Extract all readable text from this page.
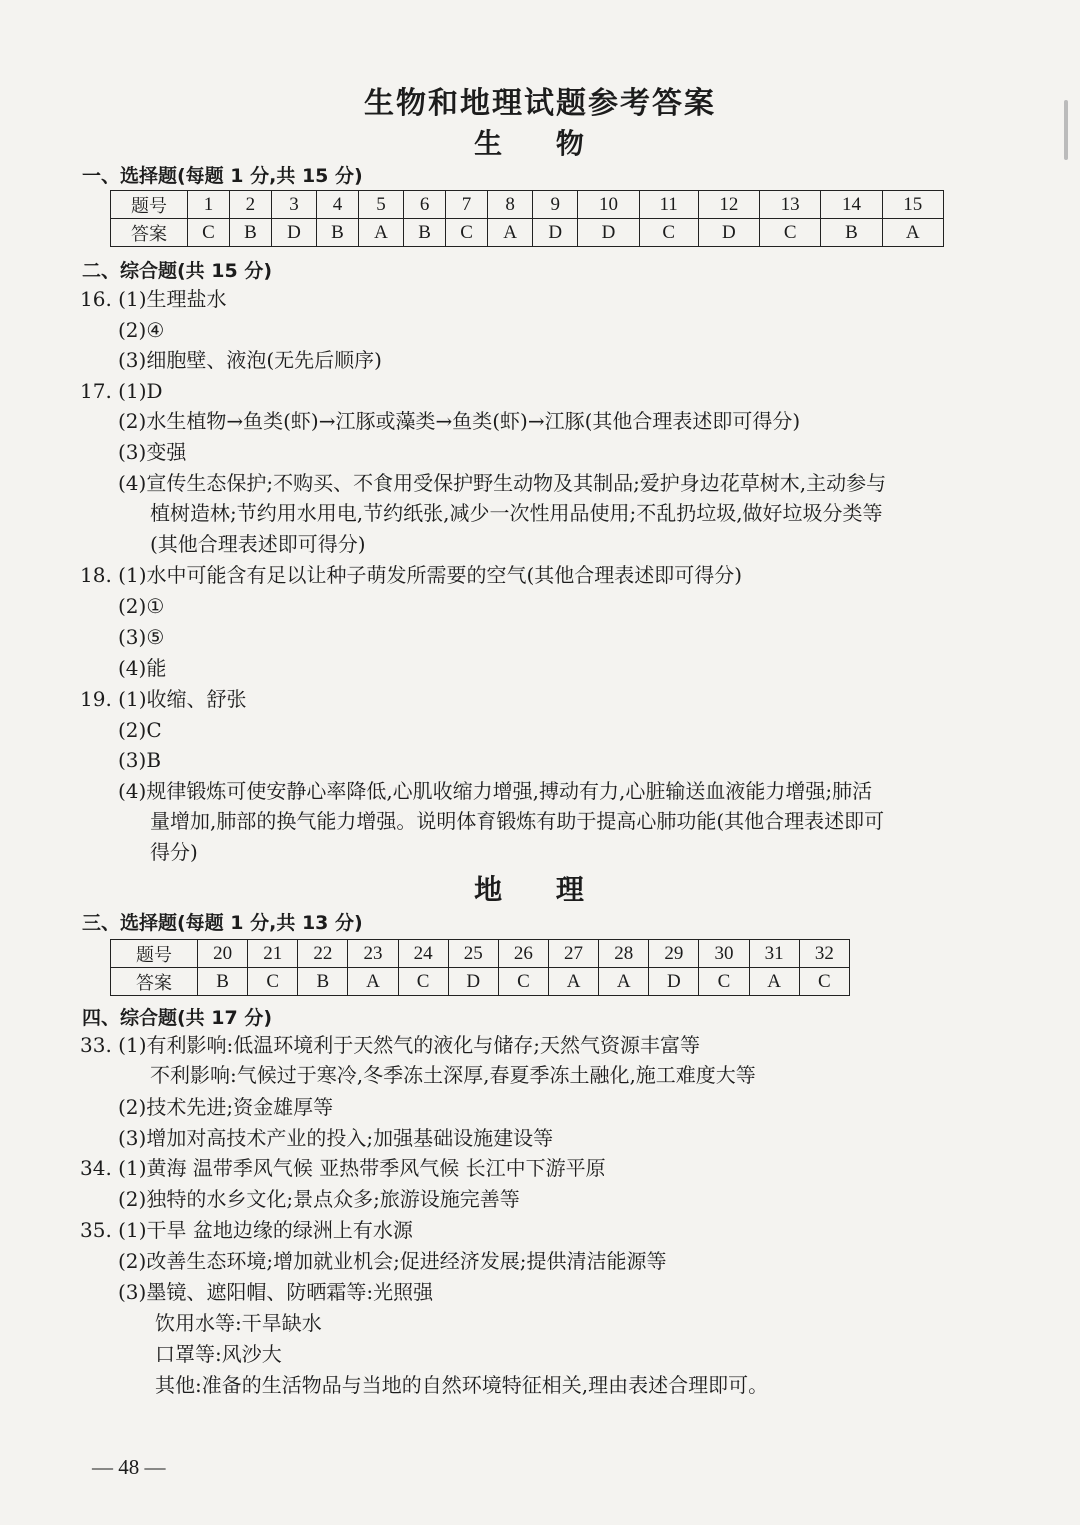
生物和地理试题参考答案
生 物
一、选择题(每题 1 分,共 15 分)
题号	1	2	3	4	5	6	7	8	9	10	11	12	13	14	15
答案	C	B	D	B	A	B	C	A	D	D	C	D	C	B	A
二、综合题(共 15 分)
16. (1)生理盐水
(2)④
(3)细胞壁、液泡(无先后顺序)
17. (1)D
(2)水生植物→鱼类(虾)→江豚或藻类→鱼类(虾)→江豚(其他合理表述即可得分)
(3)变强
(4)宣传生态保护;不购买、不食用受保护野生动物及其制品;爱护身边花草树木,主动参与
植树造林;节约用水用电,节约纸张,减少一次性用品使用;不乱扔垃圾,做好垃圾分类等
(其他合理表述即可得分)
18. (1)水中可能含有足以让种子萌发所需要的空气(其他合理表述即可得分)
(2)①
(3)⑤
(4)能
19. (1)收缩、舒张
(2)C
(3)B
(4)规律锻炼可使安静心率降低,心肌收缩力增强,搏动有力,心脏输送血液能力增强;肺活
量增加,肺部的换气能力增强。说明体育锻炼有助于提高心肺功能(其他合理表述即可
得分)
地 理
三、选择题(每题 1 分,共 13 分)
题号	20	21	22	23	24	25	26	27	28	29	30	31	32
答案	B	C	B	A	C	D	C	A	A	D	C	A	C
四、综合题(共 17 分)
33. (1)有利影响:低温环境利于天然气的液化与储存;天然气资源丰富等
不利影响:气候过于寒冷,冬季冻土深厚,春夏季冻土融化,施工难度大等
(2)技术先进;资金雄厚等
(3)增加对高技术产业的投入;加强基础设施建设等
34. (1)黄海 温带季风气候 亚热带季风气候 长江中下游平原
(2)独特的水乡文化;景点众多;旅游设施完善等
35. (1)干旱 盆地边缘的绿洲上有水源
(2)改善生态环境;增加就业机会;促进经济发展;提供清洁能源等
(3)墨镜、遮阳帽、防晒霜等:光照强
饮用水等:干旱缺水
口罩等:风沙大
其他:准备的生活物品与当地的自然环境特征相关,理由表述合理即可。
— 48 —
